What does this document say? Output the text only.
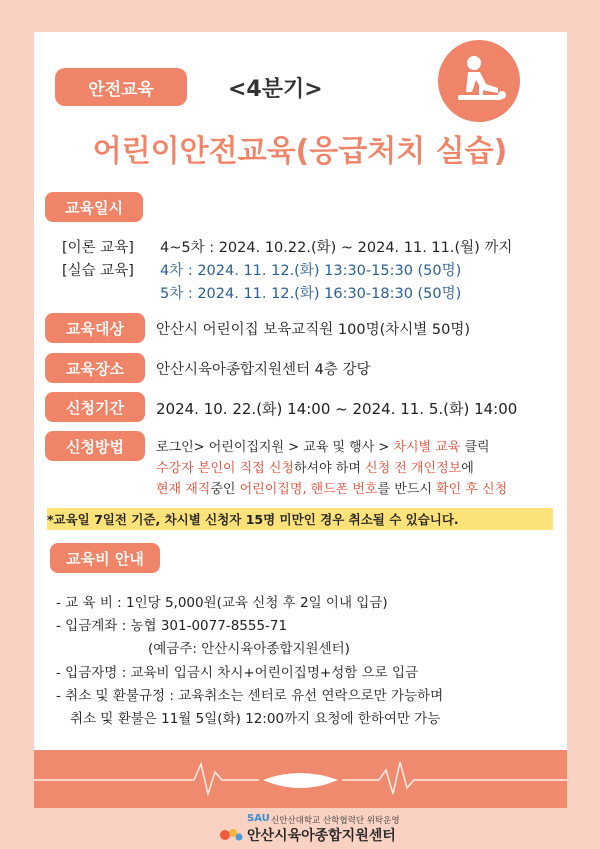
안전교육	<4분기>
어린이안전교육(응급처치 실습)
교육일시
[이론 교육] 4~5차 : 2024. 10.22.(화) ~ 2024. 11. 11.(월) 까지
[실습 교육] 4차 : 2024. 11. 12.(화) 13:30-15:30 (50명)
5차 : 2024. 11. 12.(화) 16:30-18:30 (50명)
교육대상 안산시 어린이집 보육교직원 100명(차시별 50명)
교육장소 안산시육아종합지원센터 4층 강당
신청기간 2024. 10. 22.(화) 14:00 ~ 2024. 11. 5.(화) 14:00
신청방법 로그인> 어린이집지원 > 교육 및 행사 > 차시별 교육 클릭
수강자 본인이 직접 신청하셔야 하며 신청 전 개인정보에
현재 재직중인 어린이집명, 핸드폰 번호를 반드시 확인 후 신청
*교육일 7일전 기준, 차시별 신청자 15명 미만인 경우 취소될 수 있습니다.
교육비 안내
- 교 육 비 : 1인당 5,000원(교육 신청 후 2일 이내 입금)
- 입금계좌 : 농협 301-0077-8555-71
(예금주: 안산시육아종합지원센터)
- 입금자명 : 교육비 입금시 차시+어린이집명+성함 으로 입금
- 취소 및 환불규정 : 교육취소는 센터로 유선 연락으로만 가능하며
취소 및 환불은 11월 5일(화) 12:00까지 요청에 한하여만 가능
SAU 신안산대학교 산학협력단 위탁운영
안산시육아종합지원센터
